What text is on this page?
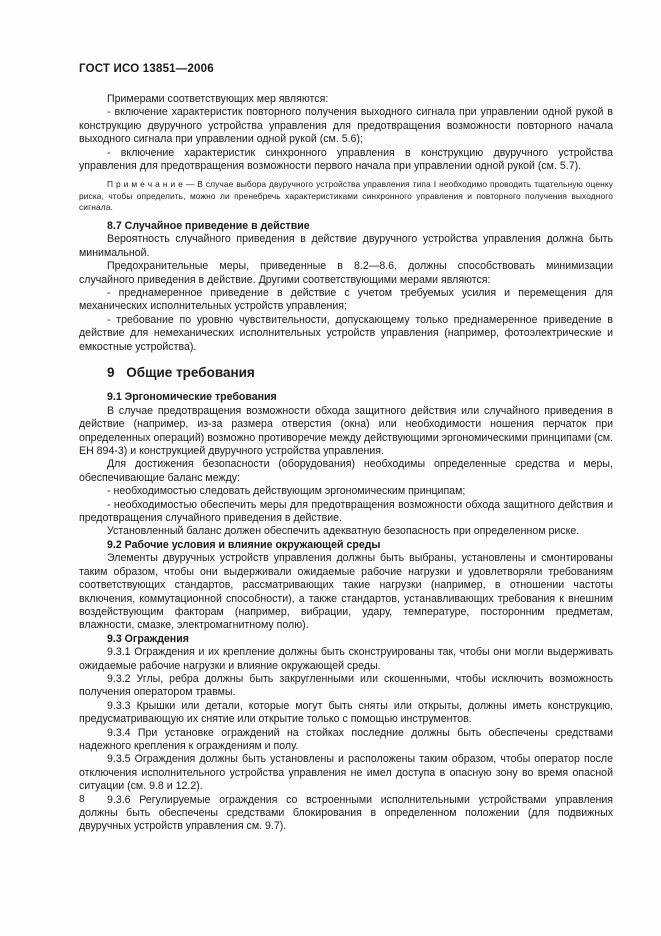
ГОСТ ИСО 13851—2006

Примерами соответствующих мер являются:

- включение характеристик повторного получения выходного сигнала при управлении одной рукой в конструкцию двуручного устройства управления для предотвращения возможности повторного начала выходного сигнала при управлении одной рукой (см. 5.6);

- включение характеристик синхронного управления в конструкцию двуручного устройства управления для предотвращения возможности первого начала при управлении одной рукой (см. 5.7).

П р и м е ч а н и е — В случае выбора двуручного устройства управления типа I необходимо проводить тщательную оценку риска, чтобы определить, можно ли пренебречь характеристиками синхронного управления и повторного получения выходного сигнала.

8.7 Случайное приведение в действие

Вероятность случайного приведения в действие двуручного устройства управления должна быть минимальной.

Предохранительные меры, приведенные в 8.2—8.6, должны способствовать минимизации случайного приведения в действие. Другими соответствующими мерами являются:

- преднамеренное приведение в действие с учетом требуемых усилия и перемещения для механических исполнительных устройств управления;

- требование по уровню чувствительности, допускающему только преднамеренное приведение в действие для немеханических исполнительных устройств управления (например, фотоэлектрические и емкостные устройства).

9 Общие требования

9.1 Эргономические требования

В случае предотвращения возможности обхода защитного действия или случайного приведения в действие (например, из-за размера отверстия (окна) или необходимости ношения перчаток при определенных операций) возможно противоречие между действующими эргономическими принципами (см. ЕН 894-3) и конструкцией двуручного устройства управления.

Для достижения безопасности (оборудования) необходимы определенные средства и меры, обеспечивающие баланс между:

- необходимостью следовать действующим эргономическим принципам;

- необходимостью обеспечить меры для предотвращения возможности обхода защитного действия и предотвращения случайного приведения в действие.

Установленный баланс должен обеспечить адекватную безопасность при определенном риске.

9.2 Рабочие условия и влияние окружающей среды

Элементы двуручных устройств управления должны быть выбраны, установлены и смонтированы таким образом, чтобы они выдерживали ожидаемые рабочие нагрузки и удовлетворяли требованиям соответствующих стандартов, рассматривающих такие нагрузки (например, в отношении частоты включения, коммутационной способности), а также стандартов, устанавливающих требования к внешним воздействующим факторам (например, вибрации, удару, температуре, посторонним предметам, влажности, смазке, электромагнитному полю).

9.3 Ограждения

9.3.1 Ограждения и их крепление должны быть сконструированы так, чтобы они могли выдерживать ожидаемые рабочие нагрузки и влияние окружающей среды.

9.3.2 Углы, ребра должны быть закругленными или скошенными, чтобы исключить возможность получения оператором травмы.

9.3.3 Крышки или детали, которые могут быть сняты или открыты, должны иметь конструкцию, предусматривающую их снятие или открытие только с помощью инструментов.

9.3.4 При установке ограждений на стойках последние должны быть обеспечены средствами надежного крепления к ограждениям и полу.

9.3.5 Ограждения должны быть установлены и расположены таким образом, чтобы оператор после отключения исполнительного устройства управления не имел доступа в опасную зону во время опасной ситуации (см. 9.8 и 12.2).

9.3.6 Регулируемые ограждения со встроенными исполнительными устройствами управления должны быть обеспечены средствами блокирования в определенном положении (для подвижных двуручных устройств управления см. 9.7).

8
